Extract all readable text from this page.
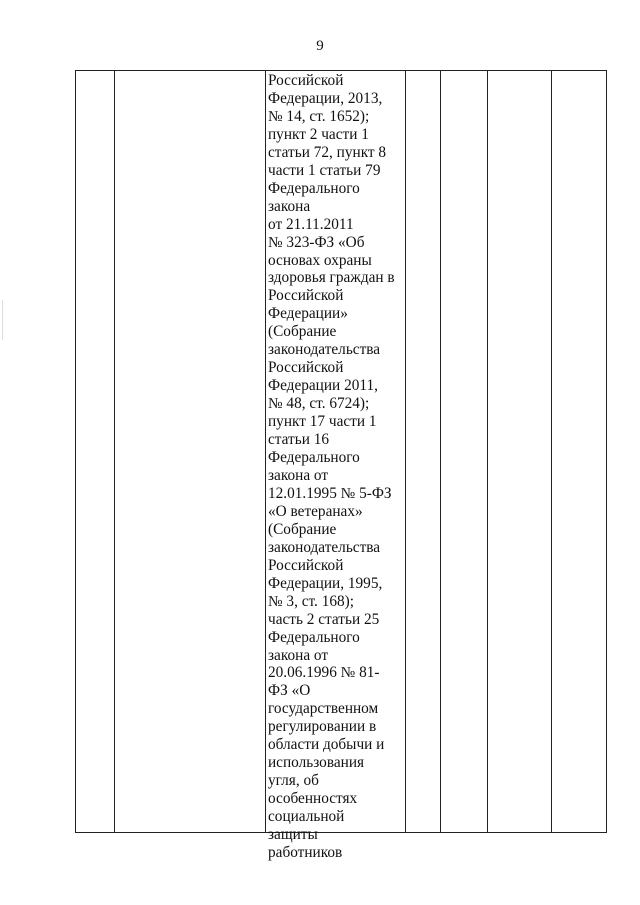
9
Российской
Федерации, 2013,
№ 14, ст. 1652);
пункт 2 части 1
статьи 72, пункт 8
части 1 статьи 79
Федерального
закона
от 21.11.2011
№ 323-ФЗ «Об
основах охраны
здоровья граждан в
Российской
Федерации»
(Собрание
законодательства
Российской
Федерации 2011,
№ 48, ст. 6724);
пункт 17 части 1
статьи 16
Федерального
закона от
12.01.1995 № 5-ФЗ
«О ветеранах»
(Собрание
законодательства
Российской
Федерации, 1995,
№ 3, ст. 168);
часть 2 статьи 25
Федерального
закона от
20.06.1996 № 81-
ФЗ «О
государственном
регулировании в
области добычи и
использования
угля, об
особенностях
социальной
защиты
работников
